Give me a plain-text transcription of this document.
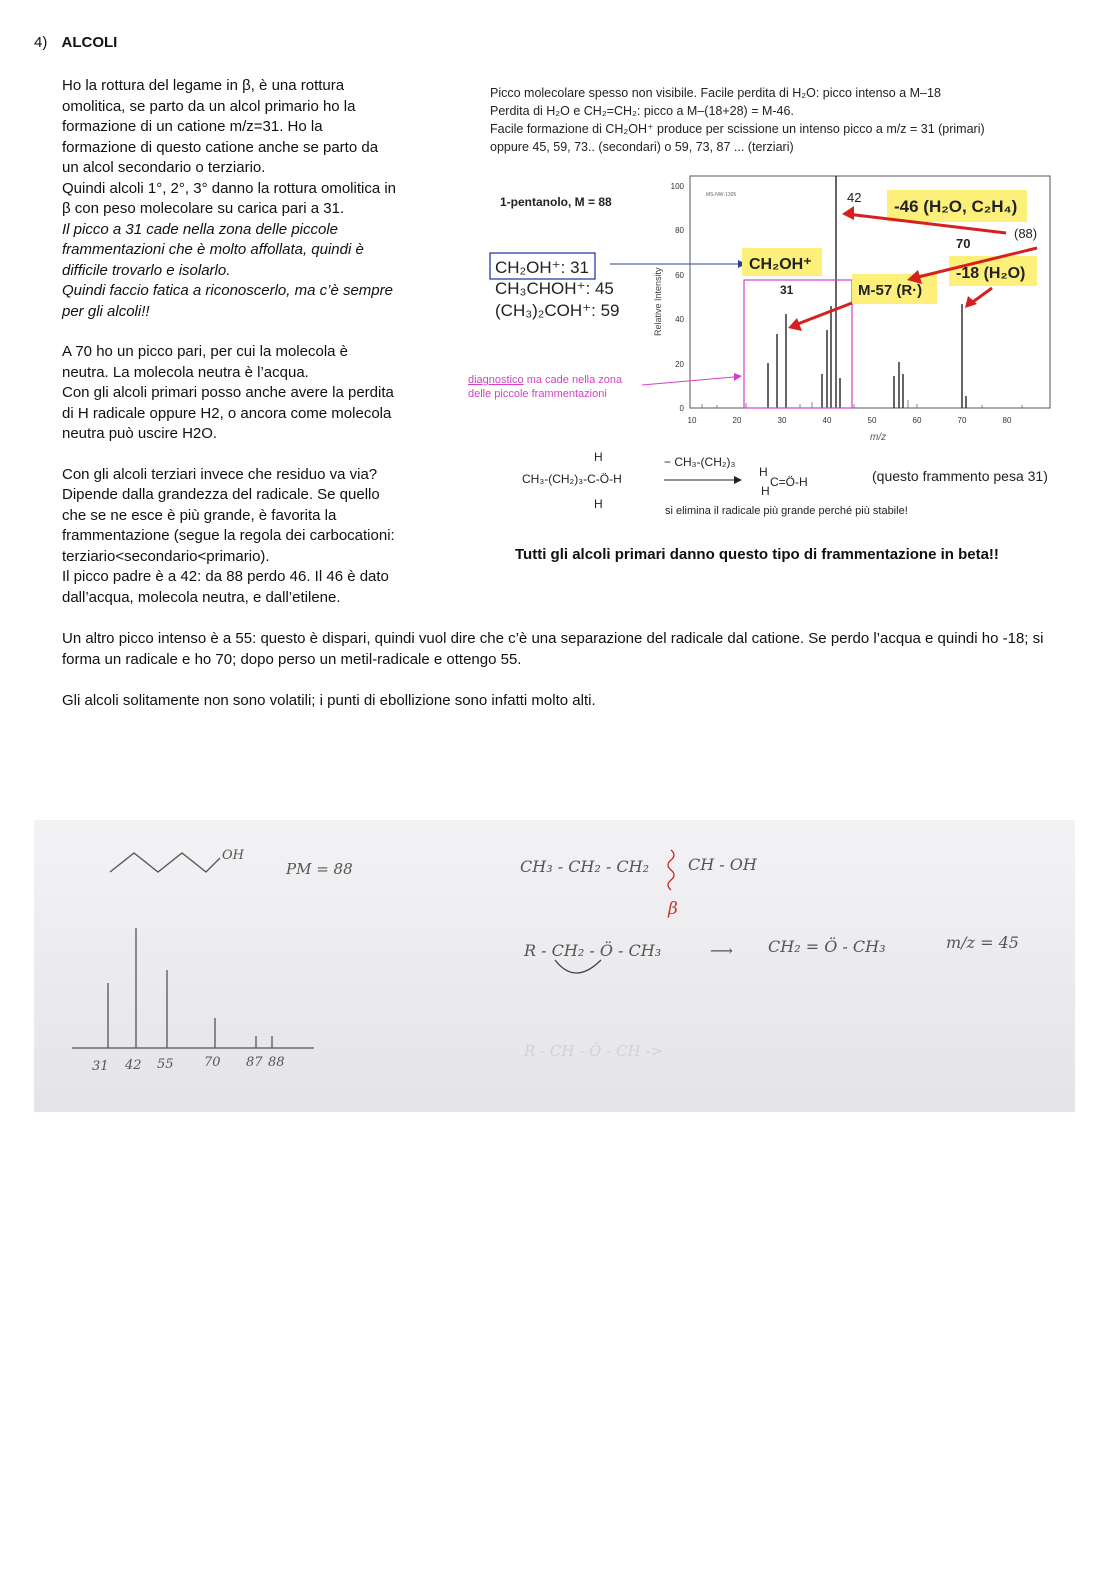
4) ALCOLI

Ho la rottura del legame in β, è una rottura
omolitica, se parto da un alcol primario ho la
formazione di un catione m/z=31. Ho la
formazione di questo catione anche se parto da
un alcol secondario o terziario.
Quindi alcoli 1°, 2°, 3° danno la rottura omolitica in
β con peso molecolare su carica pari a 31.
Il picco a 31 cade nella zona delle piccole
frammentazioni che è molto affollata, quindi è
difficile trovarlo e isolarlo.
Quindi faccio fatica a riconoscerlo, ma c’è sempre
per gli alcoli!!

A 70 ho un picco pari, per cui la molecola è
neutra. La molecola neutra è l’acqua.
Con gli alcoli primari posso anche avere la perdita
di H radicale oppure H2, o ancora come molecola
neutra può uscire H2O.

Con gli alcoli terziari invece che residuo va via?
Dipende dalla grandezza del radicale. Se quello
che se ne esce è più grande, è favorita la
frammentazione (segue la regola dei carbocationi:
terziario<secondario<primario).
Il picco padre è a 42: da 88 perdo 46. Il 46 è dato
dall’acqua, molecola neutra, e dall’etilene.

Un altro picco intenso è a 55: questo è dispari, quindi vuol dire che c’è una separazione del radicale dal catione. Se perdo l’acqua e quindi ho -18; si forma un radicale e ho 70; dopo perso un metil-radicale e ottengo 55.
Gli alcoli solitamente non sono volatili; i punti di ebollizione sono infatti molto alti.
Picco molecolare spesso non visibile. Facile perdita di H₂O: picco intenso a M–18
Perdita di H₂O e CH₂=CH₂: picco a M–(18+28) = M-46.
Facile formazione di CH₂OH⁺ produce per scissione un intenso picco a m/z = 31 (primari)
oppure 45, 59, 73.. (secondari) o 59, 73, 87 ... (terziari)
1-pentanolo, M = 88
CH₂OH⁺: 31
CH₃CHOH⁺: 45
(CH₃)₂COH⁺: 59
MS-NW-1305
100
80
60
40
20
0
10	20	30	40	50	60	70	80
m/z
Relative Intensity
diagnostico ma cade nella zona
delle piccole frammentazioni
CH₂OH⁺
31
42 -46 (H₂O, C₂H₄)
(88)
70
-18 (H₂O)
M-57 (R·)
H
CH₃-(CH₂)₃-C-Ö-H
H
− CH₃-(CH₂)₃
H
H
C=Ö-H
si elimina il radicale più grande perché più stabile!
(questo frammento pesa 31)
Tutti gli alcoli primari danno questo tipo di frammentazione in beta!!
OH
PM = 88	CH₃ - CH₂ - CH₂ CH - OH
β
R - CH₂ - Ö - CH₃	⟶ CH₂ = Ö - CH₃	m/z = 45
R - CH - Ö - CH ->
31 42 55 70 87 88
